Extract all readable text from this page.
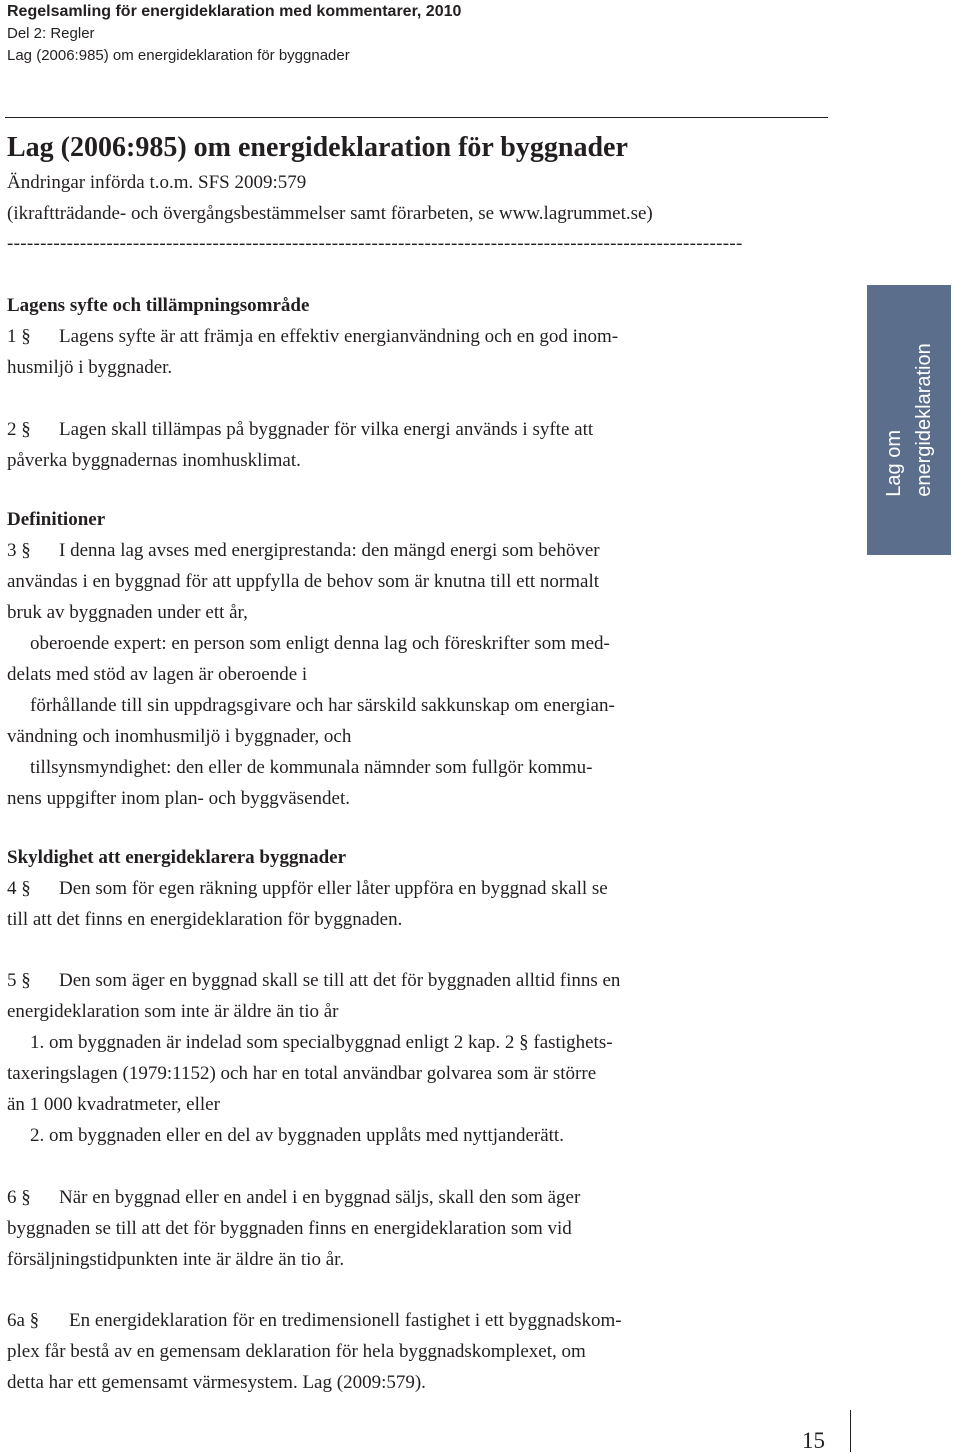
Regelsamling för energideklaration med kommentarer, 2010
Del 2: Regler
Lag (2006:985) om energideklaration för byggnader
Lag (2006:985) om energideklaration för byggnader
Ändringar införda t.o.m. SFS 2009:579
(ikraftträdande- och övergångsbestämmelser samt förarbeten, se www.lagrummet.se)
---------------------------------------------------------------------------------------------------------------
Lag om energideklaration
Lagens syfte och tillämpningsområde

1 § Lagens syfte är att främja en effektiv energianvändning och en god inom-

husmiljö i byggnader.

2 § Lagen skall tillämpas på byggnader för vilka energi används i syfte att

påverka byggnadernas inomhusklimat.

Definitioner

3 § I denna lag avses med energiprestanda: den mängd energi som behöver

användas i en byggnad för att uppfylla de behov som är knutna till ett normalt

bruk av byggnaden under ett år,

oberoende expert: en person som enligt denna lag och föreskrifter som med-

delats med stöd av lagen är oberoende i

förhållande till sin uppdragsgivare och har särskild sakkunskap om energian-

vändning och inomhusmiljö i byggnader, och

tillsynsmyndighet: den eller de kommunala nämnder som fullgör kommu-

nens uppgifter inom plan- och byggväsendet.

Skyldighet att energideklarera byggnader

4 § Den som för egen räkning uppför eller låter uppföra en byggnad skall se

till att det finns en energideklaration för byggnaden.

5 § Den som äger en byggnad skall se till att det för byggnaden alltid finns en

energideklaration som inte är äldre än tio år

1. om byggnaden är indelad som specialbyggnad enligt 2 kap. 2 § fastighets-

taxeringslagen (1979:1152) och har en total användbar golvarea som är större

än 1 000 kvadratmeter, eller

2. om byggnaden eller en del av byggnaden upplåts med nyttjanderätt.

6 § När en byggnad eller en andel i en byggnad säljs, skall den som äger

byggnaden se till att det för byggnaden finns en energideklaration som vid

försäljningstidpunkten inte är äldre än tio år.

6a § En energideklaration för en tredimensionell fastighet i ett byggnadskom-

plex får bestå av en gemensam deklaration för hela byggnadskomplexet, om

detta har ett gemensamt värmesystem. Lag (2009:579).

15
